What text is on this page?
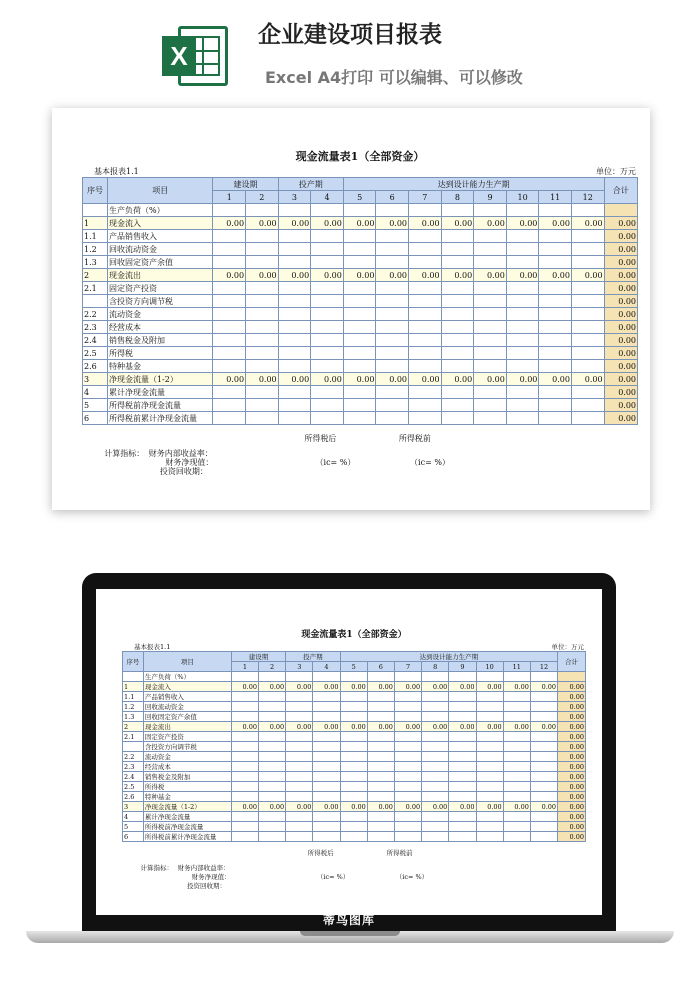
X
企业建设项目报表
Excel A4打印 可以编辑、可以修改
现金流量表1（全部资金）
基本报表1.1	单位：万元
序号	项目	建设期		投产期		达到设计能力生产期								合计
		1	2	3	4	5	6	7	8	9	10	11	12	
	生产负荷（%）													
1	现金流入	0.00	0.00	0.00	0.00	0.00	0.00	0.00	0.00	0.00	0.00	0.00	0.00	0.00
1.1	产品销售收入													0.00
1.2	回收流动资金													0.00
1.3	回收固定资产余值													0.00
2	现金流出	0.00	0.00	0.00	0.00	0.00	0.00	0.00	0.00	0.00	0.00	0.00	0.00	0.00
2.1	固定资产投资													0.00
	含投资方向调节税													0.00
2.2	流动资金													0.00
2.3	经营成本													0.00
2.4	销售税金及附加													0.00
2.5	所得税													0.00
2.6	特种基金													0.00
3	净现金流量（1-2）	0.00	0.00	0.00	0.00	0.00	0.00	0.00	0.00	0.00	0.00	0.00	0.00	0.00
4	累计净现金流量													0.00
5	所得税前净现金流量													0.00
6	所得税前累计净现金流量													0.00
所得税后	所得税前
计算指标： 财务内部收益率：
财务净现值：
投资回收期：
（ic= %）	（ic= %）
现金流量表1（全部资金）
基本报表1.1	单位：万元
序号	项目	建设期		投产期		达到设计能力生产期								合计
		1	2	3	4	5	6	7	8	9	10	11	12	
	生产负荷（%）													
1	现金流入	0.00	0.00	0.00	0.00	0.00	0.00	0.00	0.00	0.00	0.00	0.00	0.00	0.00
1.1	产品销售收入													0.00
1.2	回收流动资金													0.00
1.3	回收固定资产余值													0.00
2	现金流出	0.00	0.00	0.00	0.00	0.00	0.00	0.00	0.00	0.00	0.00	0.00	0.00	0.00
2.1	固定资产投资													0.00
	含投资方向调节税													0.00
2.2	流动资金													0.00
2.3	经营成本													0.00
2.4	销售税金及附加													0.00
2.5	所得税													0.00
2.6	特种基金													0.00
3	净现金流量（1-2）	0.00	0.00	0.00	0.00	0.00	0.00	0.00	0.00	0.00	0.00	0.00	0.00	0.00
4	累计净现金流量													0.00
5	所得税前净现金流量													0.00
6	所得税前累计净现金流量													0.00
所得税后	所得税前
计算指标： 财务内部收益率：
财务净现值：
投资回收期：
（ic= %）	（ic= %）
蒂鸟图库
